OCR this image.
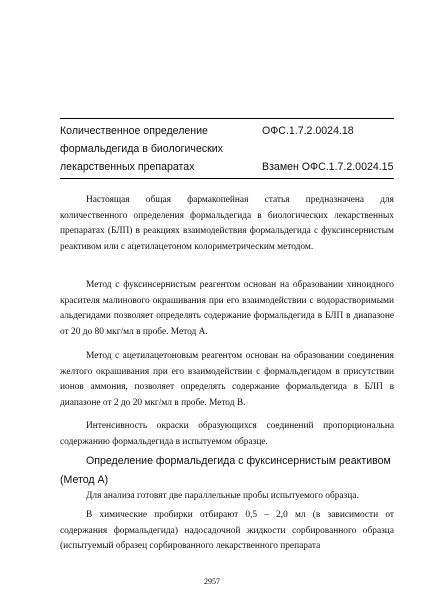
Количественное определение
формальдегида в биологических
лекарственных препаратах
ОФС.1.7.2.0024.18
Взамен ОФС.1.7.2.0024.15

Настоящая общая фармакопейная статья предназначена для количественного определения формальдегида в биологических лекарственных препаратах (БЛП) в реакциях взаимодействия формальдегида с фуксинсернистым реактивом или с ацетилацетоном колориметрическим методом.

Метод с фуксинсернистым реагентом основан на образовании хиноидного красителя малинового окрашивания при его взаимодействии с водорастворимыми альдегидами позволяет определять содержание формальдегида в БЛП в диапазоне от 20 до 80 мкг/мл в пробе. Метод А.

Метод с ацетилацетоновым реагентом основан на образовании соединения желтого окрашивания при его взаимодействии с формальдегидом в присутствии ионов аммония, позволяет определять содержание формальдегида в БЛП в диапазоне от 2 до 20 мкг/мл в пробе. Метод В.

Интенсивность окраски образующихся соединений пропорциональна содержанию формальдегида в испытуемом образце.

Определение формальдегида с фуксинсернистым реактивом
(Метод А)

Для анализа готовят две параллельные пробы испытуемого образца.

В химические пробирки отбирают 0,5 – 2,0 мл (в зависимости от содержания формальдегида) надосадочной жидкости сорбированного образца (испытуемый образец сорбированного лекарственного препарата

2957
